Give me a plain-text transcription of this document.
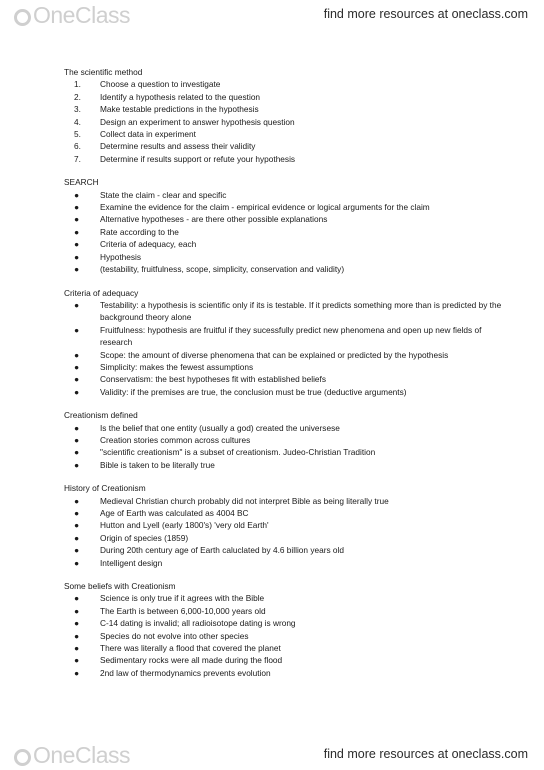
OneClass	find more resources at oneclass.com
The scientific method
1. Choose a question to investigate
2. Identify a hypothesis related to the question
3. Make testable predictions in the hypothesis
4. Design an experiment to answer hypothesis question
5. Collect data in experiment
6. Determine results and assess their validity
7. Determine if results support or refute your hypothesis
SEARCH
●	State the claim - clear and specific
●	Examine the evidence for the claim - empirical evidence or logical arguments for the claim
●	Alternative hypotheses - are there other possible explanations
●	Rate according to the
●	Criteria of adequacy, each
●	Hypothesis
●	(testability, fruitfulness, scope, simplicity, conservation and validity)
Criteria of adequacy
●	Testability: a hypothesis is scientific only if its is testable. If it predicts something more than is predicted by the background theory alone
●	Fruitfulness: hypothesis are fruitful if they sucessfully predict new phenomena and open up new fields of research
●	Scope: the amount of diverse phenomena that can be explained or predicted by the hypothesis
●	Simplicity: makes the fewest assumptions
●	Conservatism: the best hypotheses fit with established beliefs
●	Validity: if the premises are true, the conclusion must be true (deductive arguments)
Creationism defined
●	Is the belief that one entity (usually a god) created the universese
●	Creation stories common across cultures
●	"scientific creationism" is a subset of creationism. Judeo-Christian Tradition
●	Bible is taken to be literally true
History of Creationism
●	Medieval Christian church probably did not interpret Bible as being literally true
●	Age of Earth was calculated as 4004 BC
●	Hutton and Lyell (early 1800's) 'very old Earth'
●	Origin of species (1859)
●	During 20th century age of Earth caluclated by 4.6 billion years old
●	Intelligent design
Some beliefs with Creationism
●	Science is only true if it agrees with the Bible
●	The Earth is between 6,000-10,000 years old
●	C-14 dating is invalid; all radioisotope dating is wrong
●	Species do not evolve into other species
●	There was literally a flood that covered the planet
●	Sedimentary rocks were all made during the flood
●	2nd law of thermodynamics prevents evolution
OneClass	find more resources at oneclass.com
